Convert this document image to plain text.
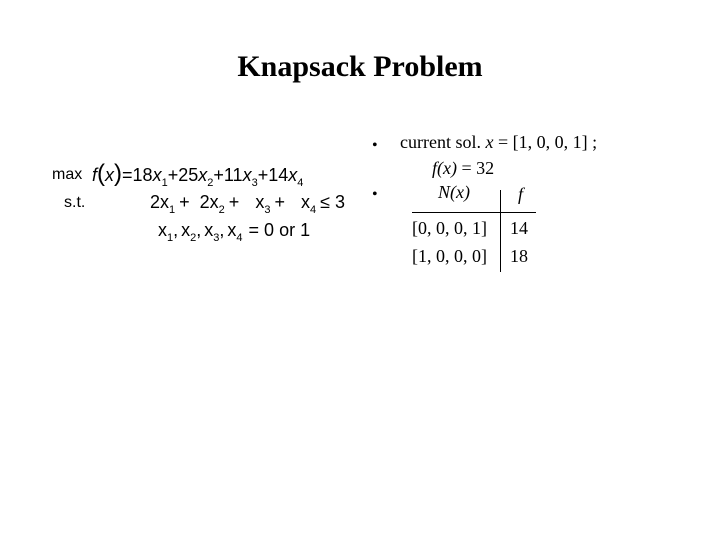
Knapsack Problem
max
s.t.
$f(x)=18x_1+25x_2+11x_3+14x_4$
$2x_1 + 2x_2 + x_3 + x_4 \le 3$
$x_1$, $x_2$, $x_3$, $x_4 = 0$ or 1
• current sol. x = [1, 0, 0, 1] ;
f(x) = 32
•	N(x)	f
[0, 0, 0, 1] 14
[1, 0, 0, 0] 18
